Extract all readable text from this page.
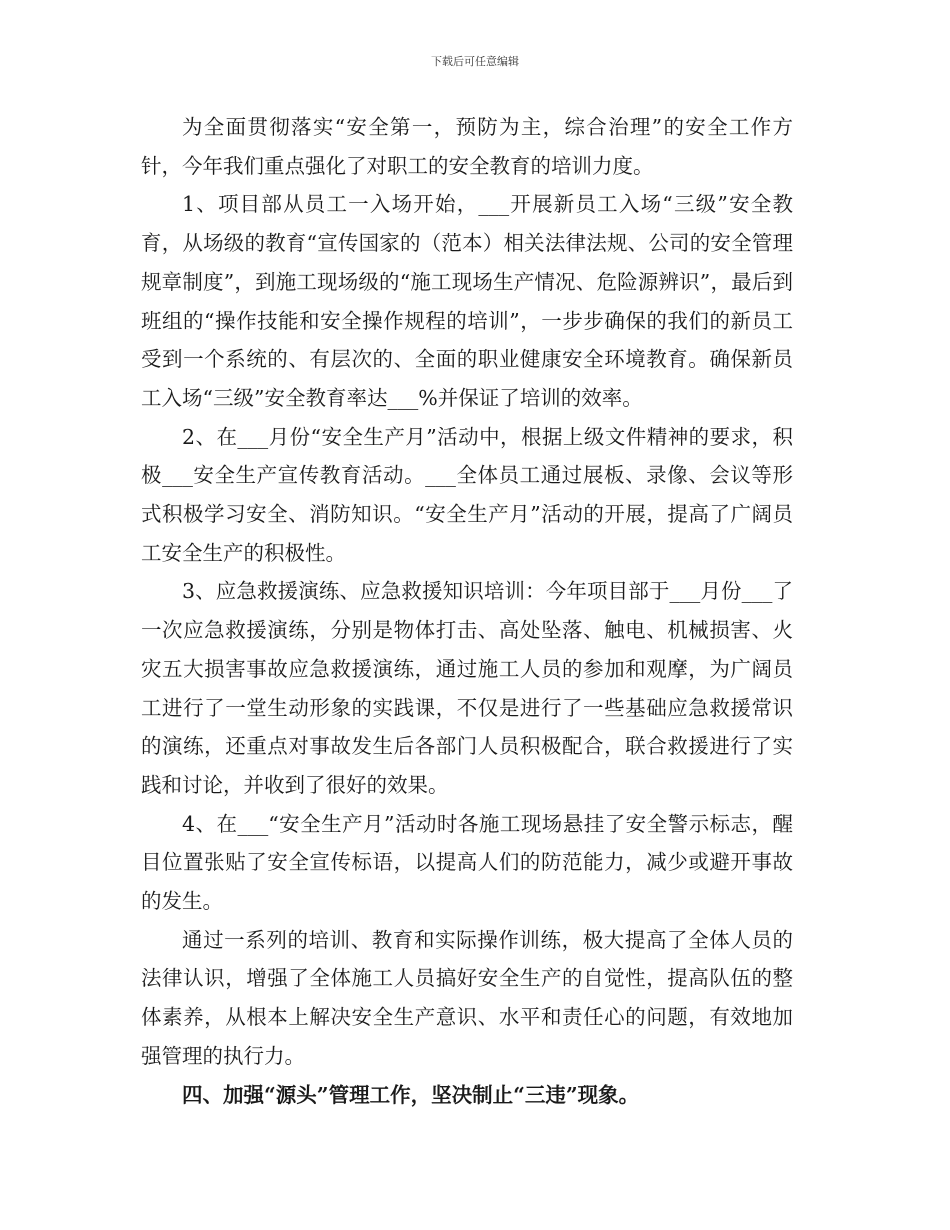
下载后可任意编辑

为全面贯彻落实“安全第一，预防为主，综合治理”的安全工作方针，今年我们重点强化了对职工的安全教育的培训力度。

1、项目部从员工一入场开始，___开展新员工入场“三级”安全教育，从场级的教育“宣传国家的（范本）相关法律法规、公司的安全管理规章制度”，到施工现场级的“施工现场生产情况、危险源辨识”，最后到班组的“操作技能和安全操作规程的培训”，一步步确保的我们的新员工受到一个系统的、有层次的、全面的职业健康安全环境教育。确保新员工入场“三级”安全教育率达___%并保证了培训的效率。

2、在___月份“安全生产月”活动中，根据上级文件精神的要求，积极___安全生产宣传教育活动。___全体员工通过展板、录像、会议等形式积极学习安全、消防知识。“安全生产月”活动的开展，提高了广阔员工安全生产的积极性。

3、应急救援演练、应急救援知识培训：今年项目部于___月份___了一次应急救援演练，分别是物体打击、高处坠落、触电、机械损害、火灾五大损害事故应急救援演练，通过施工人员的参加和观摩，为广阔员工进行了一堂生动形象的实践课，不仅是进行了一些基础应急救援常识的演练，还重点对事故发生后各部门人员积极配合，联合救援进行了实践和讨论，并收到了很好的效果。

4、在___“安全生产月”活动时各施工现场悬挂了安全警示标志，醒目位置张贴了安全宣传标语，以提高人们的防范能力，减少或避开事故的发生。

通过一系列的培训、教育和实际操作训练，极大提高了全体人员的法律认识，增强了全体施工人员搞好安全生产的自觉性，提高队伍的整体素养，从根本上解决安全生产意识、水平和责任心的问题，有效地加强管理的执行力。

四、加强“源头”管理工作，坚决制止“三违”现象。
